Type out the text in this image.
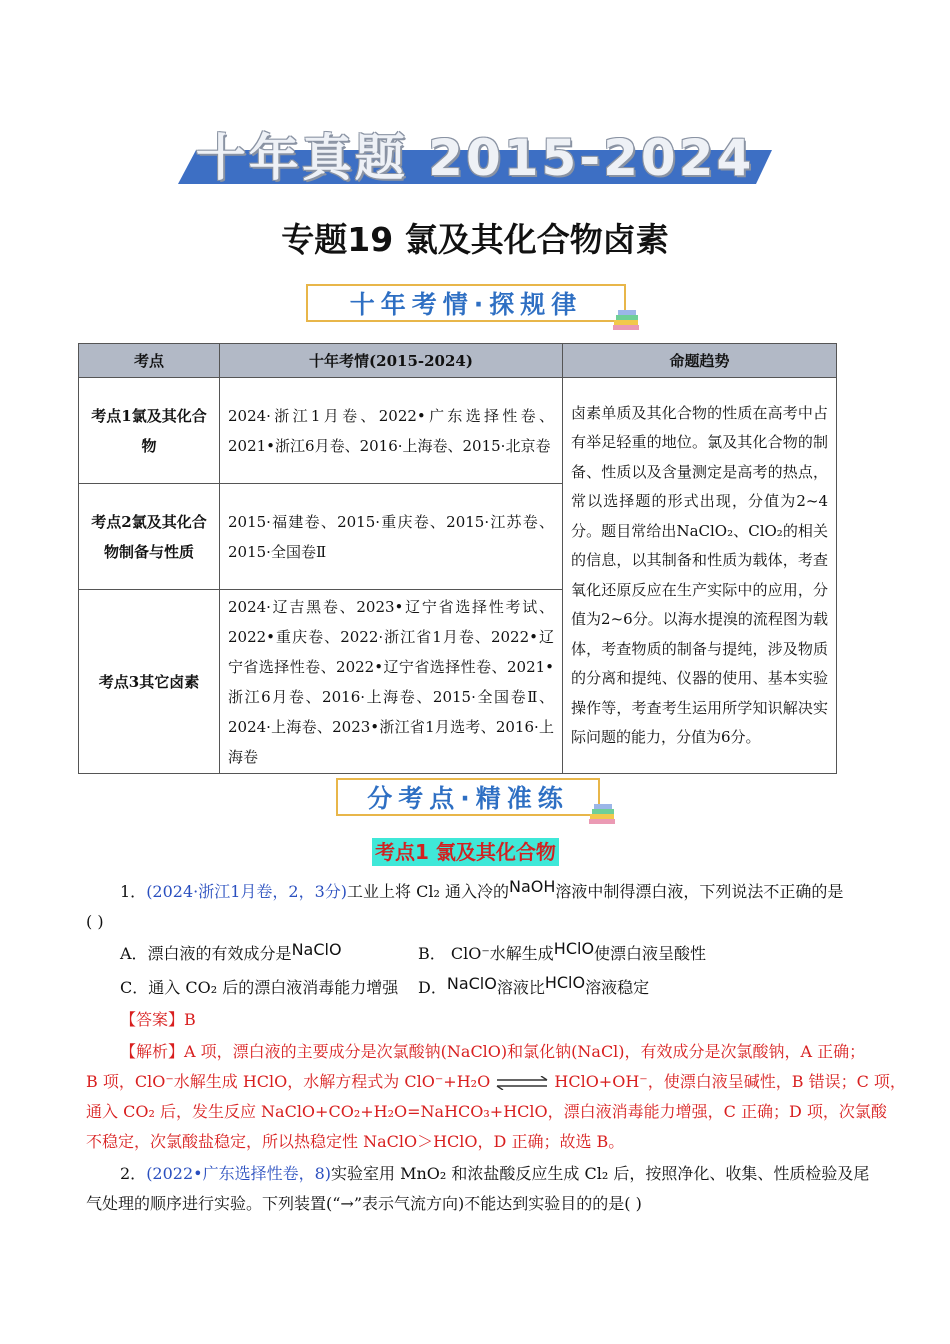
十年真题 2015-2024
专题19 氯及其化合物卤素
十年考情·探规律
考点	十年考情(2015-2024)	命题趋势
考点1氯及其化合物	2024·浙江1月卷、2022•广东选择性卷、2021•浙江6月卷、2016·上海卷、2015·北京卷	卤素单质及其化合物的性质在高考中占有举足轻重的地位。氯及其化合物的制备、性质以及含量测定是高考的热点，常以选择题的形式出现，分值为2~4分。题目常给出NaClO₂、ClO₂的相关的信息，以其制备和性质为载体，考查氧化还原反应在生产实际中的应用，分值为2~6分。以海水提溴的流程图为载体，考查物质的制备与提纯，涉及物质的分离和提纯、仪器的使用、基本实验操作等，考查考生运用所学知识解决实际问题的能力，分值为6分。
考点2氯及其化合物制备与性质	2015·福建卷、2015·重庆卷、2015·江苏卷、2015·全国卷Ⅱ	
考点3其它卤素	2024·辽吉黑卷、2023•辽宁省选择性考试、2022•重庆卷、2022·浙江省1月卷、2022•辽宁省选择性卷、2022•辽宁省选择性卷、2021•浙江6月卷、2016·上海卷、2015·全国卷Ⅱ、2024·上海卷、2023•浙江省1月选考、2016·上海卷	
分考点·精准练
考点1 氯及其化合物
1．(2024·浙江1月卷，2，3分)工业上将 Cl₂ 通入冷的NaOH溶液中制得漂白液，下列说法不正确的是
( )
A．漂白液的有效成分是NaClO	B． ClO⁻水解生成HClO使漂白液呈酸性
C．通入 CO₂ 后的漂白液消毒能力增强 D．NaClO溶液比HClO溶液稳定
【答案】B
【解析】A 项，漂白液的主要成分是次氯酸钠(NaClO)和氯化钠(NaCl)，有效成分是次氯酸钠，A 正确；
B 项，ClO⁻水解生成 HClO，水解方程式为 ClO⁻+H₂O ⇌ HClO+OH⁻，使漂白液呈碱性，B 错误；C 项，
通入 CO₂ 后，发生反应 NaClO+CO₂+H₂O=NaHCO₃+HClO，漂白液消毒能力增强，C 正确；D 项，次氯酸
不稳定，次氯酸盐稳定，所以热稳定性 NaClO＞HClO，D 正确；故选 B。
2．(2022•广东选择性卷，8)实验室用 MnO₂ 和浓盐酸反应生成 Cl₂ 后，按照净化、收集、性质检验及尾
气处理的顺序进行实验。下列装置(“→”表示气流方向)不能达到实验目的的是( )
